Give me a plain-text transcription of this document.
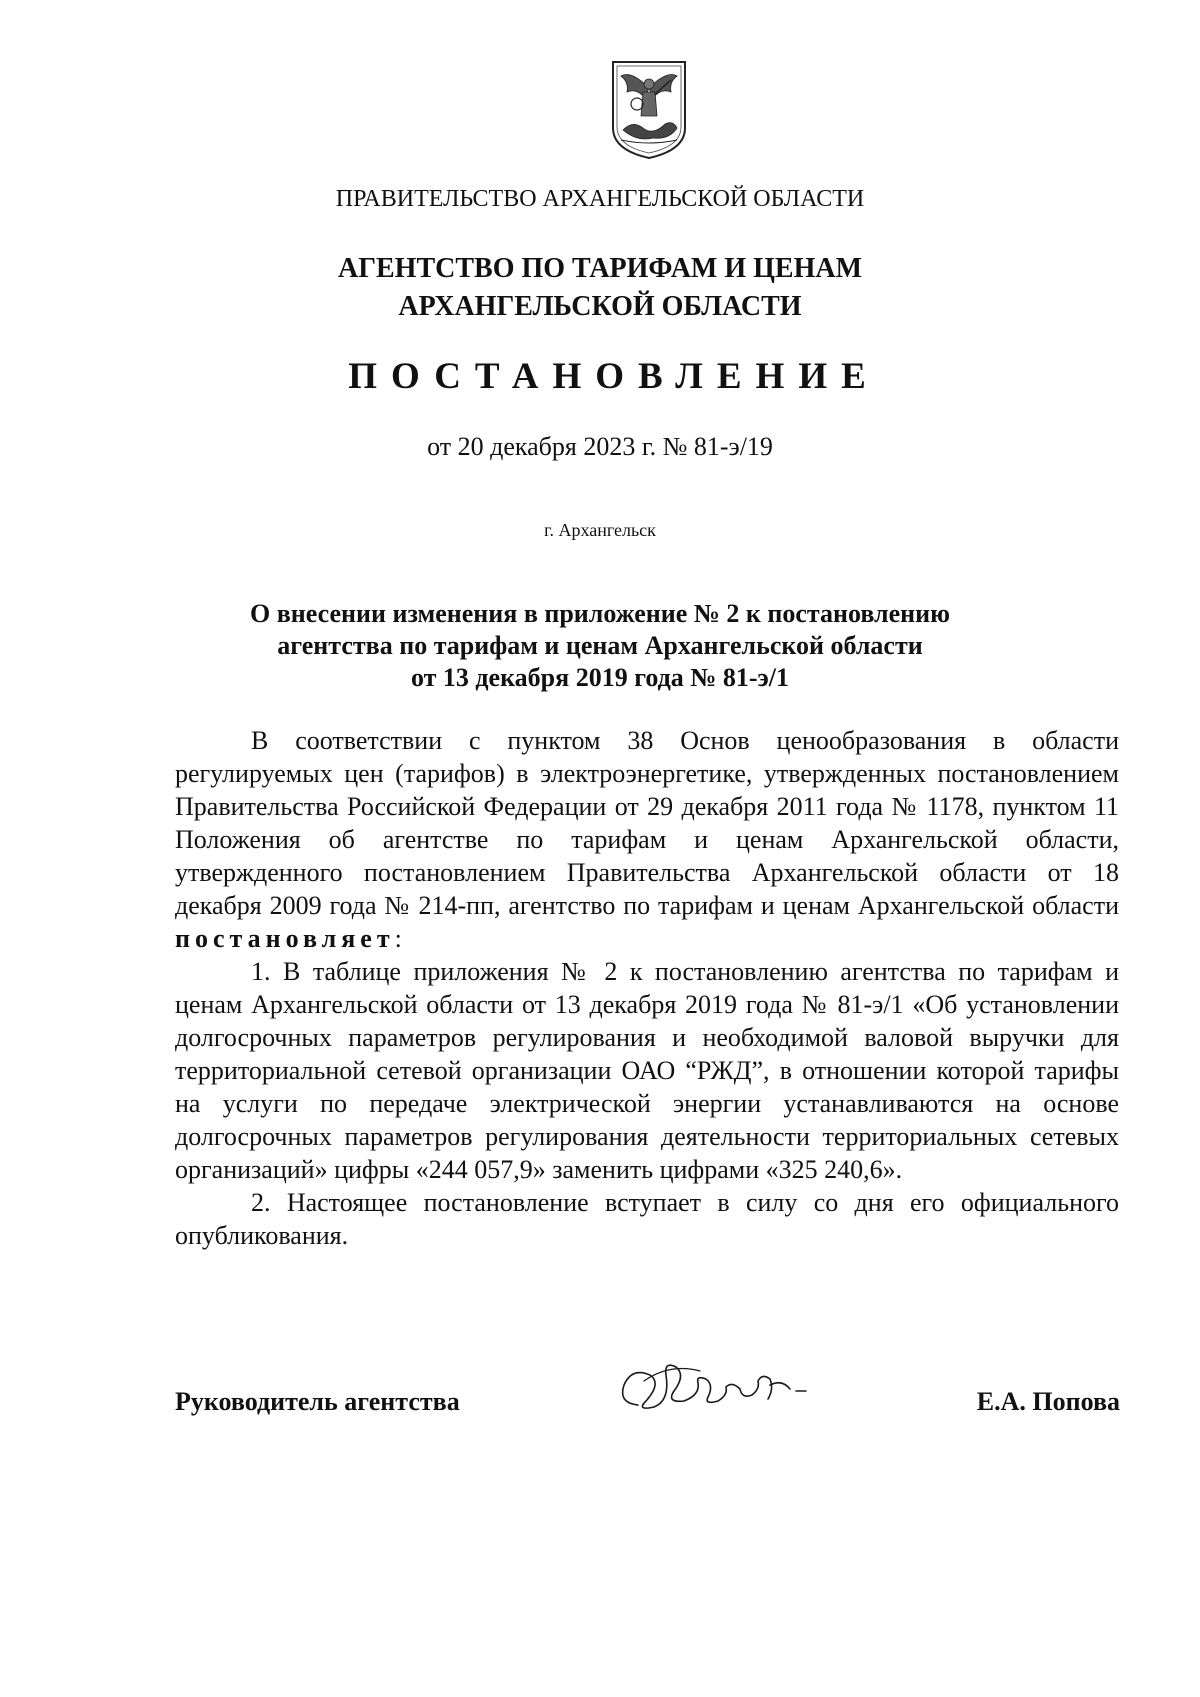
ПРАВИТЕЛЬСТВО АРХАНГЕЛЬСКОЙ ОБЛАСТИ
АГЕНТСТВО ПО ТАРИФАМ И ЦЕНАМ
АРХАНГЕЛЬСКОЙ ОБЛАСТИ
ПОСТАНОВЛЕНИЕ
от 20 декабря 2023 г. № 81-э/19
г. Архангельск
О внесении изменения в приложение № 2 к постановлению
агентства по тарифам и ценам Архангельской области
от 13 декабря 2019 года № 81-э/1

В соответствии с пунктом 38 Основ ценообразования в области регулируемых цен (тарифов) в электроэнергетике, утвержденных постановлением Правительства Российской Федерации от 29 декабря 2011 года № 1178, пунктом 11 Положения об агентстве по тарифам и ценам Архангельской области, утвержденного постановлением Правительства Архангельской области от 18 декабря 2009 года № 214-пп, агентство по тарифам и ценам Архангельской области постановляет:

1. В таблице приложения № 2 к постановлению агентства по тарифам и ценам Архангельской области от 13 декабря 2019 года № 81-э/1 «Об установлении долгосрочных параметров регулирования и необходимой валовой выручки для территориальной сетевой организации ОАО “РЖД”, в отношении которой тарифы на услуги по передаче электрической энергии устанавливаются на основе долгосрочных параметров регулирования деятельности территориальных сетевых организаций» цифры «244 057,9» заменить цифрами «325 240,6».

2. Настоящее постановление вступает в силу со дня его официального опубликования.

Руководитель агентства	Е.А. Попова
